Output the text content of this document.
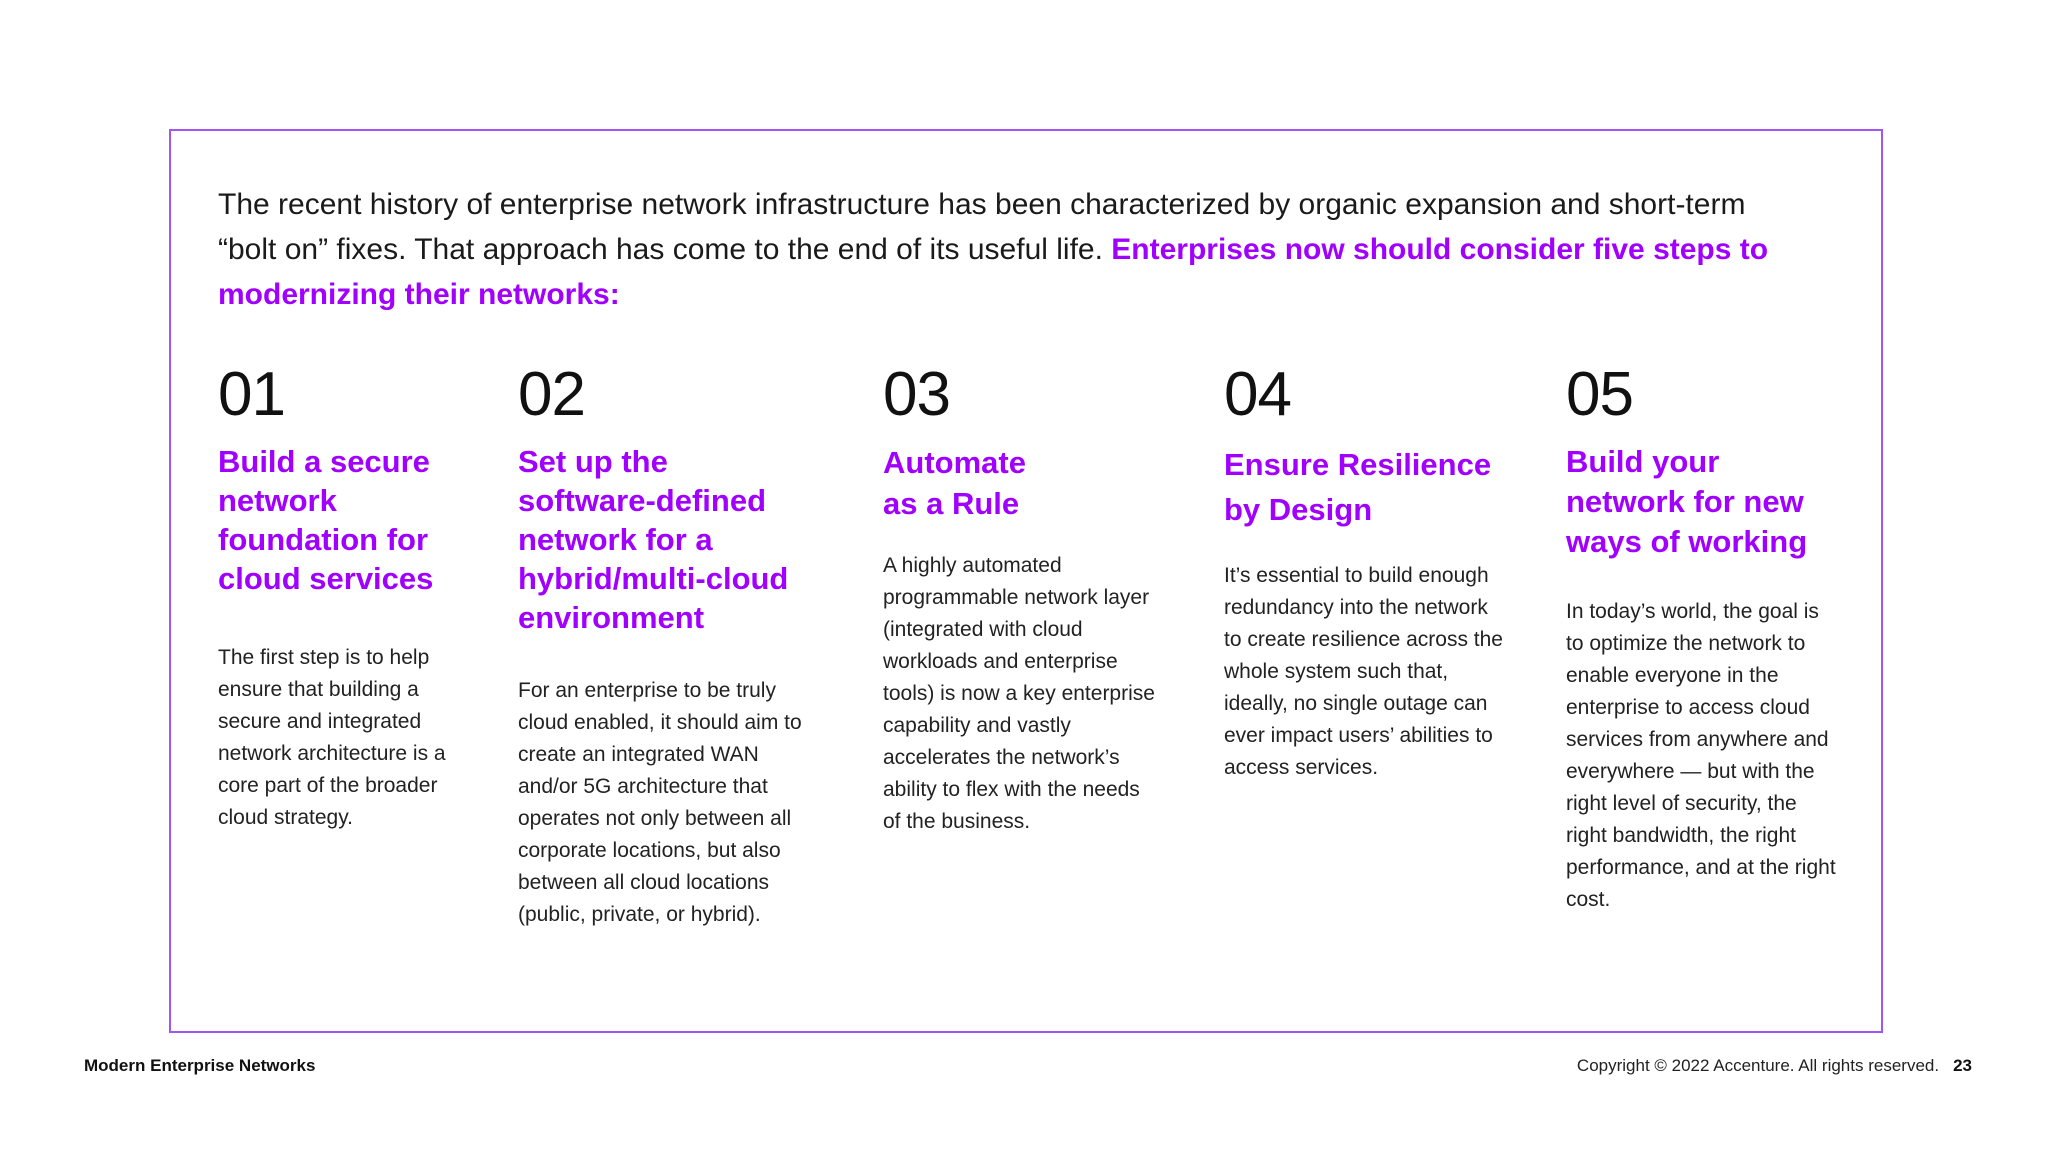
The recent history of enterprise network infrastructure has been characterized by organic expansion and short-term “bolt on” fixes. That approach has come to the end of its useful life. Enterprises now should consider five steps to modernizing their networks:

01

Build a secure network foundation for cloud services

The first step is to help ensure that building a secure and integrated network architecture is a core part of the broader cloud strategy.

02

Set up the software-defined network for a hybrid/multi-cloud environment

For an enterprise to be truly cloud enabled, it should aim to create an integrated WAN and/or 5G architecture that operates not only between all corporate locations, but also between all cloud locations (public, private, or hybrid).

03

Automate as a Rule

A highly automated programmable network layer (integrated with cloud workloads and enterprise tools) is now a key enterprise capability and vastly accelerates the network’s ability to flex with the needs of the business.

04

Ensure Resilience by Design

It’s essential to build enough redundancy into the network to create resilience across the whole system such that, ideally, no single outage can ever impact users’ abilities to access services.

05

Build your network for new ways of working

In today’s world, the goal is to optimize the network to enable everyone in the enterprise to access cloud services from anywhere and everywhere — but with the right level of security, the right bandwidth, the right performance, and at the right cost.

Modern Enterprise Networks	Copyright © 2022 Accenture. All rights reserved. 23
